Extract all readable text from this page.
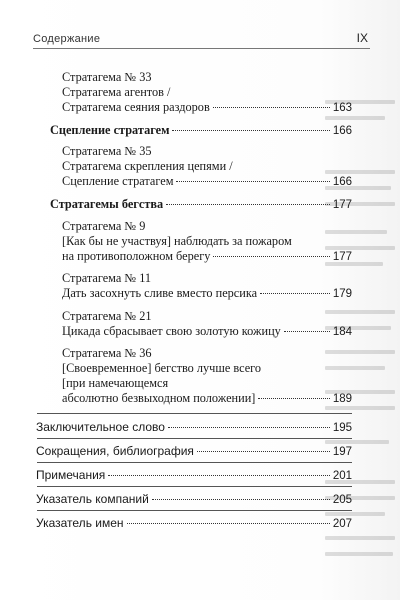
Содержание	IX
Стратагема № 33
Стратагема агентов /
Стратагема сеяния раздоров	163
Сцепление стратагем	166
Стратагема № 35
Стратагема скрепления цепями /
Сцепление стратагем	166
Стратагемы бегства	177
Стратагема № 9
[Как бы не участвуя] наблюдать за пожаром
на противоположном берегу	177
Стратагема № 11
Дать засохнуть сливе вместо персика	179
Стратагема № 21
Цикада сбрасывает свою золотую кожицу	184
Стратагема № 36
[Своевременное] бегство лучше всего
[при намечающемся
абсолютно безвыходном положении]	189
Заключительное слово	195
Сокращения, библиография	197
Примечания	201
Указатель компаний	205
Указатель имен	207
